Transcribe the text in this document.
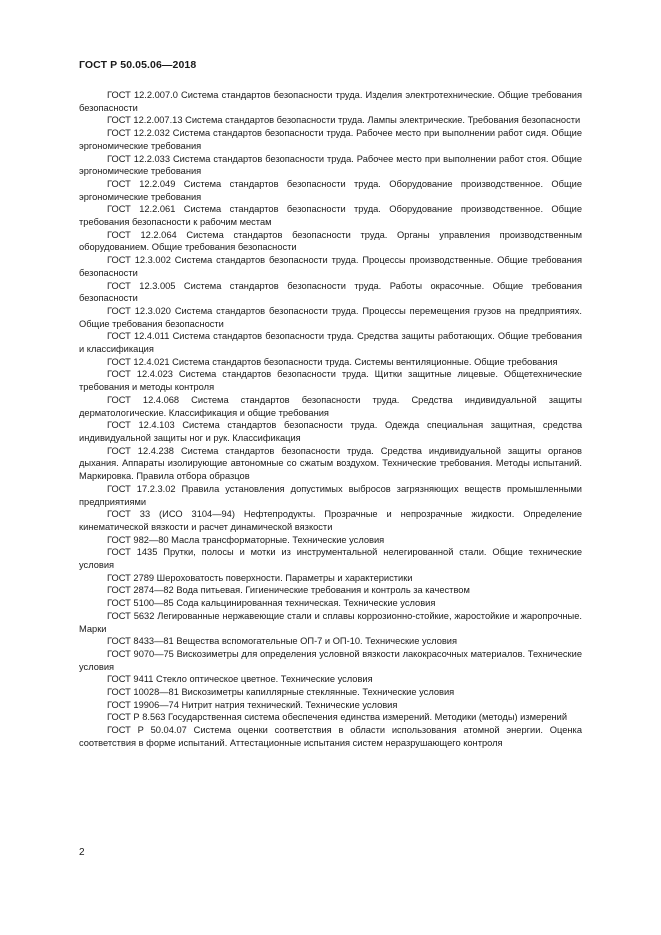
ГОСТ Р 50.05.06—2018

ГОСТ 12.2.007.0 Система стандартов безопасности труда. Изделия электротехнические. Общие требования безопасности

ГОСТ 12.2.007.13 Система стандартов безопасности труда. Лампы электрические. Требования безопасности

ГОСТ 12.2.032 Система стандартов безопасности труда. Рабочее место при выполнении работ сидя. Общие эргономические требования

ГОСТ 12.2.033 Система стандартов безопасности труда. Рабочее место при выполнении работ стоя. Общие эргономические требования

ГОСТ 12.2.049 Система стандартов безопасности труда. Оборудование производственное. Общие эргономические требования

ГОСТ 12.2.061 Система стандартов безопасности труда. Оборудование производственное. Общие требования безопасности к рабочим местам

ГОСТ 12.2.064 Система стандартов безопасности труда. Органы управления производственным оборудованием. Общие требования безопасности

ГОСТ 12.3.002 Система стандартов безопасности труда. Процессы производственные. Общие требования безопасности

ГОСТ 12.3.005 Система стандартов безопасности труда. Работы окрасочные. Общие требования безопасности

ГОСТ 12.3.020 Система стандартов безопасности труда. Процессы перемещения грузов на предприятиях. Общие требования безопасности

ГОСТ 12.4.011 Система стандартов безопасности труда. Средства защиты работающих. Общие требования и классификация

ГОСТ 12.4.021 Система стандартов безопасности труда. Системы вентиляционные. Общие требования

ГОСТ 12.4.023 Система стандартов безопасности труда. Щитки защитные лицевые. Общетехнические требования и методы контроля

ГОСТ 12.4.068 Система стандартов безопасности труда. Средства индивидуальной защиты дерматологические. Классификация и общие требования

ГОСТ 12.4.103 Система стандартов безопасности труда. Одежда специальная защитная, средства индивидуальной защиты ног и рук. Классификация

ГОСТ 12.4.238 Система стандартов безопасности труда. Средства индивидуальной защиты органов дыхания. Аппараты изолирующие автономные со сжатым воздухом. Технические требования. Методы испытаний. Маркировка. Правила отбора образцов

ГОСТ 17.2.3.02 Правила установления допустимых выбросов загрязняющих веществ промышленными предприятиями

ГОСТ 33 (ИСО 3104—94) Нефтепродукты. Прозрачные и непрозрачные жидкости. Определение кинематической вязкости и расчет динамической вязкости

ГОСТ 982—80 Масла трансформаторные. Технические условия

ГОСТ 1435 Прутки, полосы и мотки из инструментальной нелегированной стали. Общие технические условия

ГОСТ 2789 Шероховатость поверхности. Параметры и характеристики

ГОСТ 2874—82 Вода питьевая. Гигиенические требования и контроль за качеством

ГОСТ 5100—85 Сода кальцинированная техническая. Технические условия

ГОСТ 5632 Легированные нержавеющие стали и сплавы коррозионно-стойкие, жаростойкие и жаропрочные. Марки

ГОСТ 8433—81 Вещества вспомогательные ОП-7 и ОП-10. Технические условия

ГОСТ 9070—75 Вискозиметры для определения условной вязкости лакокрасочных материалов. Технические условия

ГОСТ 9411 Стекло оптическое цветное. Технические условия

ГОСТ 10028—81 Вискозиметры капиллярные стеклянные. Технические условия

ГОСТ 19906—74 Нитрит натрия технический. Технические условия

ГОСТ Р 8.563 Государственная система обеспечения единства измерений. Методики (методы) измерений

ГОСТ Р 50.04.07 Система оценки соответствия в области использования атомной энергии. Оценка соответствия в форме испытаний. Аттестационные испытания систем неразрушающего контроля

2
